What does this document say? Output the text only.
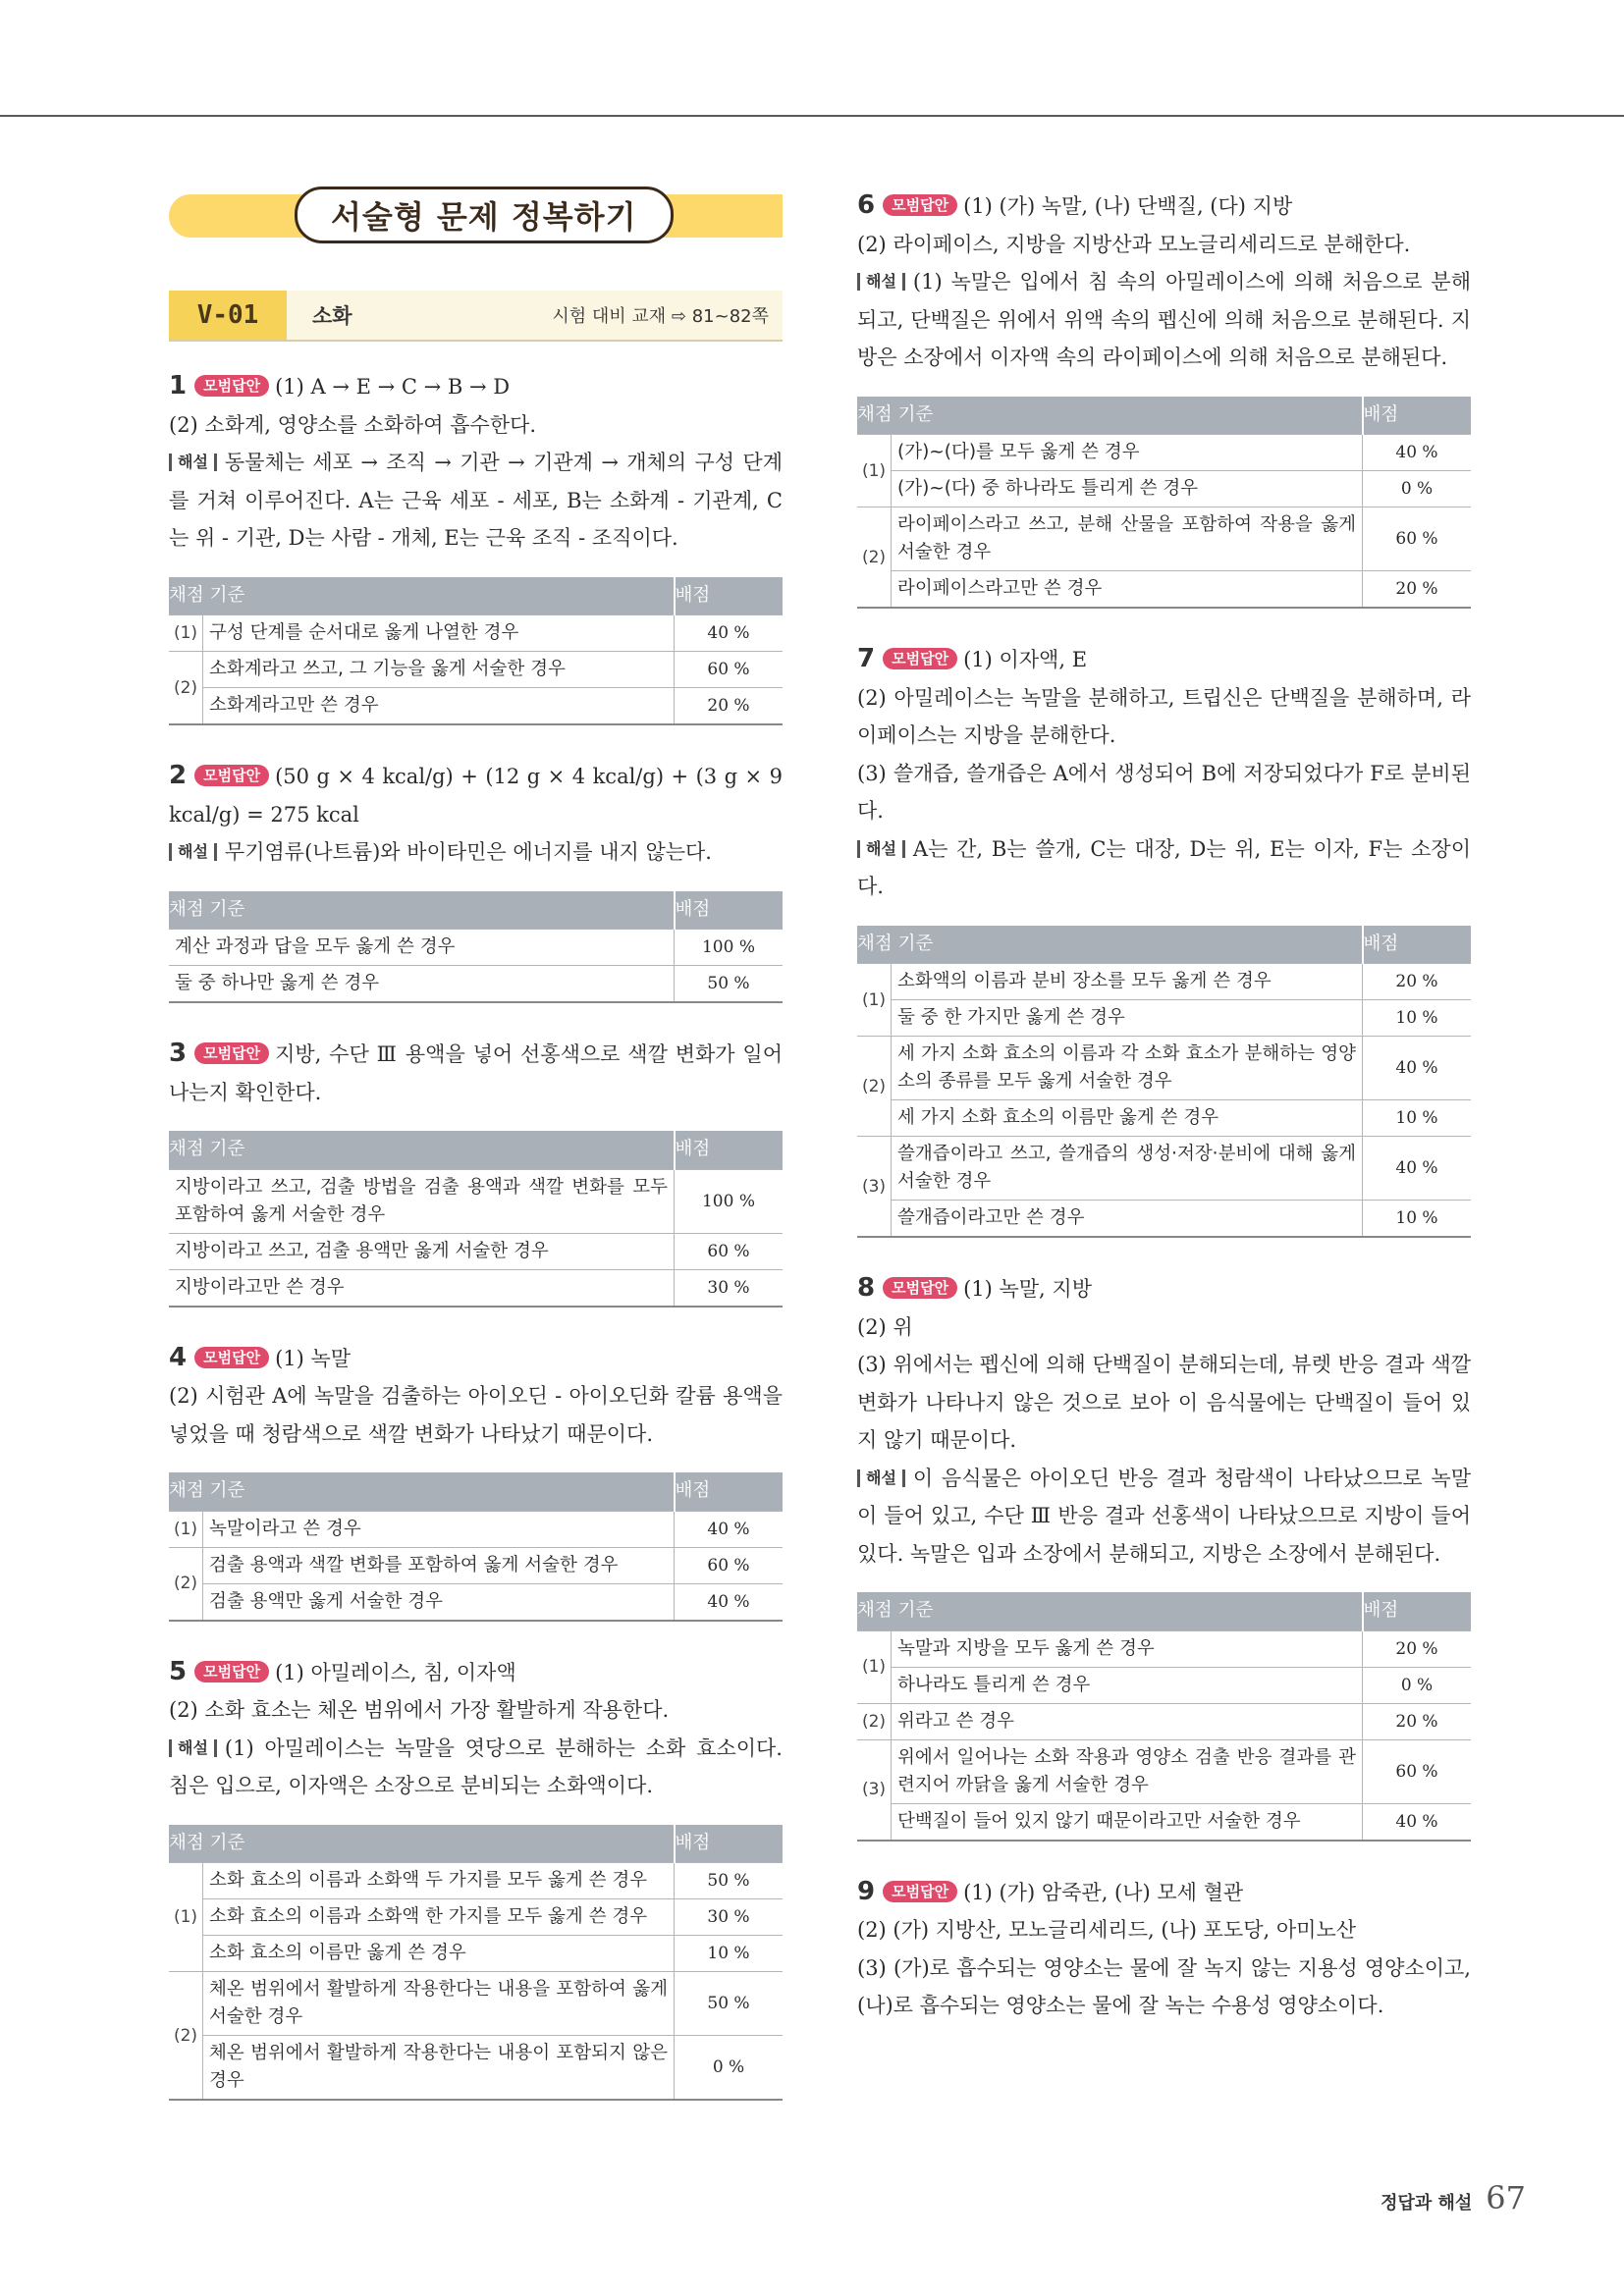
서술형 문제 정복하기
V-01	소화	시험 대비 교재 ⇨ 81~82쪽

1 모범답안 (1) A → E → C → B → D

(2) 소화계, 영양소를 소화하여 흡수한다.

해설 동물체는 세포 → 조직 → 기관 → 기관계 → 개체의 구성 단계를 거쳐 이루어진다. A는 근육 세포 - 세포, B는 소화계 - 기관계, C는 위 - 기관, D는 사람 - 개체, E는 근육 조직 - 조직이다.

채점 기준		배점
(1)	구성 단계를 순서대로 옳게 나열한 경우	40 %
(2)	소화계라고 쓰고, 그 기능을 옳게 서술한 경우	60 %
	소화계라고만 쓴 경우	20 %

2 모범답안 (50 g × 4 kcal/g) + (12 g × 4 kcal/g) + (3 g × 9 kcal/g) = 275 kcal

해설 무기염류(나트륨)와 바이타민은 에너지를 내지 않는다.

채점 기준	배점
계산 과정과 답을 모두 옳게 쓴 경우	100 %
둘 중 하나만 옳게 쓴 경우	50 %

3 모범답안 지방, 수단 Ⅲ 용액을 넣어 선홍색으로 색깔 변화가 일어나는지 확인한다.

채점 기준	배점
지방이라고 쓰고, 검출 방법을 검출 용액과 색깔 변화를 모두 포함하여 옳게 서술한 경우	100 %
지방이라고 쓰고, 검출 용액만 옳게 서술한 경우	60 %
지방이라고만 쓴 경우	30 %

4 모범답안 (1) 녹말

(2) 시험관 A에 녹말을 검출하는 아이오딘 - 아이오딘화 칼륨 용액을 넣었을 때 청람색으로 색깔 변화가 나타났기 때문이다.

채점 기준		배점
(1)	녹말이라고 쓴 경우	40 %
(2)	검출 용액과 색깔 변화를 포함하여 옳게 서술한 경우	60 %
	검출 용액만 옳게 서술한 경우	40 %

5 모범답안 (1) 아밀레이스, 침, 이자액

(2) 소화 효소는 체온 범위에서 가장 활발하게 작용한다.

해설 (1) 아밀레이스는 녹말을 엿당으로 분해하는 소화 효소이다. 침은 입으로, 이자액은 소장으로 분비되는 소화액이다.

채점 기준		배점
(1)	소화 효소의 이름과 소화액 두 가지를 모두 옳게 쓴 경우	50 %
	소화 효소의 이름과 소화액 한 가지를 모두 옳게 쓴 경우	30 %
	소화 효소의 이름만 옳게 쓴 경우	10 %
(2)	체온 범위에서 활발하게 작용한다는 내용을 포함하여 옳게 서술한 경우	50 %
	체온 범위에서 활발하게 작용한다는 내용이 포함되지 않은 경우	0 %

6 모범답안 (1) (가) 녹말, (나) 단백질, (다) 지방

(2) 라이페이스, 지방을 지방산과 모노글리세리드로 분해한다.

해설 (1) 녹말은 입에서 침 속의 아밀레이스에 의해 처음으로 분해되고, 단백질은 위에서 위액 속의 펩신에 의해 처음으로 분해된다. 지방은 소장에서 이자액 속의 라이페이스에 의해 처음으로 분해된다.

채점 기준		배점
(1)	(가)~(다)를 모두 옳게 쓴 경우	40 %
	(가)~(다) 중 하나라도 틀리게 쓴 경우	0 %
(2)	라이페이스라고 쓰고, 분해 산물을 포함하여 작용을 옳게 서술한 경우	60 %
	라이페이스라고만 쓴 경우	20 %

7 모범답안 (1) 이자액, E

(2) 아밀레이스는 녹말을 분해하고, 트립신은 단백질을 분해하며, 라이페이스는 지방을 분해한다.

(3) 쓸개즙, 쓸개즙은 A에서 생성되어 B에 저장되었다가 F로 분비된다.

해설 A는 간, B는 쓸개, C는 대장, D는 위, E는 이자, F는 소장이다.

채점 기준		배점
(1)	소화액의 이름과 분비 장소를 모두 옳게 쓴 경우	20 %
	둘 중 한 가지만 옳게 쓴 경우	10 %
(2)	세 가지 소화 효소의 이름과 각 소화 효소가 분해하는 영양소의 종류를 모두 옳게 서술한 경우	40 %
	세 가지 소화 효소의 이름만 옳게 쓴 경우	10 %
(3)	쓸개즙이라고 쓰고, 쓸개즙의 생성·저장·분비에 대해 옳게 서술한 경우	40 %
	쓸개즙이라고만 쓴 경우	10 %

8 모범답안 (1) 녹말, 지방

(2) 위

(3) 위에서는 펩신에 의해 단백질이 분해되는데, 뷰렛 반응 결과 색깔 변화가 나타나지 않은 것으로 보아 이 음식물에는 단백질이 들어 있지 않기 때문이다.

해설 이 음식물은 아이오딘 반응 결과 청람색이 나타났으므로 녹말이 들어 있고, 수단 Ⅲ 반응 결과 선홍색이 나타났으므로 지방이 들어 있다. 녹말은 입과 소장에서 분해되고, 지방은 소장에서 분해된다.

채점 기준		배점
(1)	녹말과 지방을 모두 옳게 쓴 경우	20 %
	하나라도 틀리게 쓴 경우	0 %
(2)	위라고 쓴 경우	20 %
(3)	위에서 일어나는 소화 작용과 영양소 검출 반응 결과를 관련지어 까닭을 옳게 서술한 경우	60 %
	단백질이 들어 있지 않기 때문이라고만 서술한 경우	40 %

9 모범답안 (1) (가) 암죽관, (나) 모세 혈관

(2) (가) 지방산, 모노글리세리드, (나) 포도당, 아미노산

(3) (가)로 흡수되는 영양소는 물에 잘 녹지 않는 지용성 영양소이고, (나)로 흡수되는 영양소는 물에 잘 녹는 수용성 영양소이다.

정답과 해설 67
